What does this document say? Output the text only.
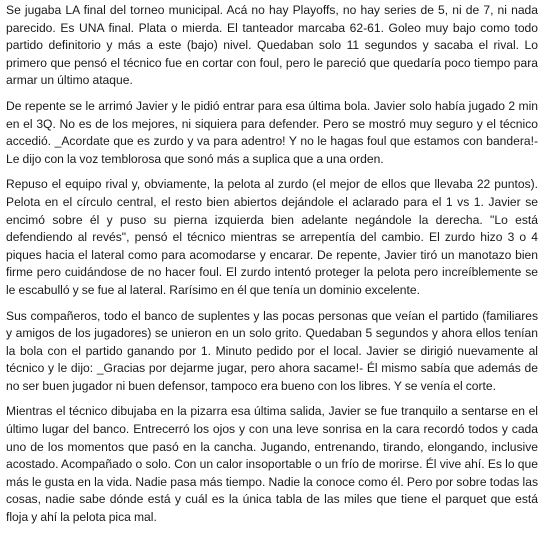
Se jugaba LA final del torneo municipal. Acá no hay Playoffs, no hay series de 5, ni de 7, ni nada parecido. Es UNA final. Plata o mierda. El tanteador marcaba 62-61. Goleo muy bajo como todo partido definitorio y más a este (bajo) nivel. Quedaban solo 11 segundos y sacaba el rival. Lo primero que pensó el técnico fue en cortar con foul, pero le pareció que quedaría poco tiempo para armar un último ataque.

De repente se le arrimó Javier y le pidió entrar para esa última bola. Javier solo había jugado 2 min en el 3Q. No es de los mejores, ni siquiera para defender. Pero se mostró muy seguro y el técnico accedió. _Acordate que es zurdo y va para adentro! Y no le hagas foul que estamos con bandera!- Le dijo con la voz temblorosa que sonó más a suplica que a una orden.

Repuso el equipo rival y, obviamente, la pelota al zurdo (el mejor de ellos que llevaba 22 puntos). Pelota en el círculo central, el resto bien abiertos dejándole el aclarado para el 1 vs 1. Javier se encimó sobre él y puso su pierna izquierda bien adelante negándole la derecha. "Lo está defendiendo al revés", pensó el técnico mientras se arrepentía del cambio. El zurdo hizo 3 o 4 piques hacia el lateral como para acomodarse y encarar. De repente, Javier tiró un manotazo bien firme pero cuidándose de no hacer foul. El zurdo intentó proteger la pelota pero increíblemente se le escabulló y se fue al lateral. Rarísimo en él que tenía un dominio excelente.

Sus compañeros, todo el banco de suplentes y las pocas personas que veían el partido (familiares y amigos de los jugadores) se unieron en un solo grito. Quedaban 5 segundos y ahora ellos tenían la bola con el partido ganando por 1. Minuto pedido por el local. Javier se dirigió nuevamente al técnico y le dijo: _Gracias por dejarme jugar, pero ahora sacame!- Él mismo sabía que además de no ser buen jugador ni buen defensor, tampoco era bueno con los libres. Y se venía el corte.

Mientras el técnico dibujaba en la pizarra esa última salida, Javier se fue tranquilo a sentarse en el último lugar del banco. Entrecerró los ojos y con una leve sonrisa en la cara recordó todos y cada uno de los momentos que pasó en la cancha. Jugando, entrenando, tirando, elongando, inclusive acostado. Acompañado o solo. Con un calor insoportable o un frío de morirse. Él vive ahí. Es lo que más le gusta en la vida. Nadie pasa más tiempo. Nadie la conoce como él. Pero por sobre todas las cosas, nadie sabe dónde está y cuál es la única tabla de las miles que tiene el parquet que está floja y ahí la pelota pica mal.
